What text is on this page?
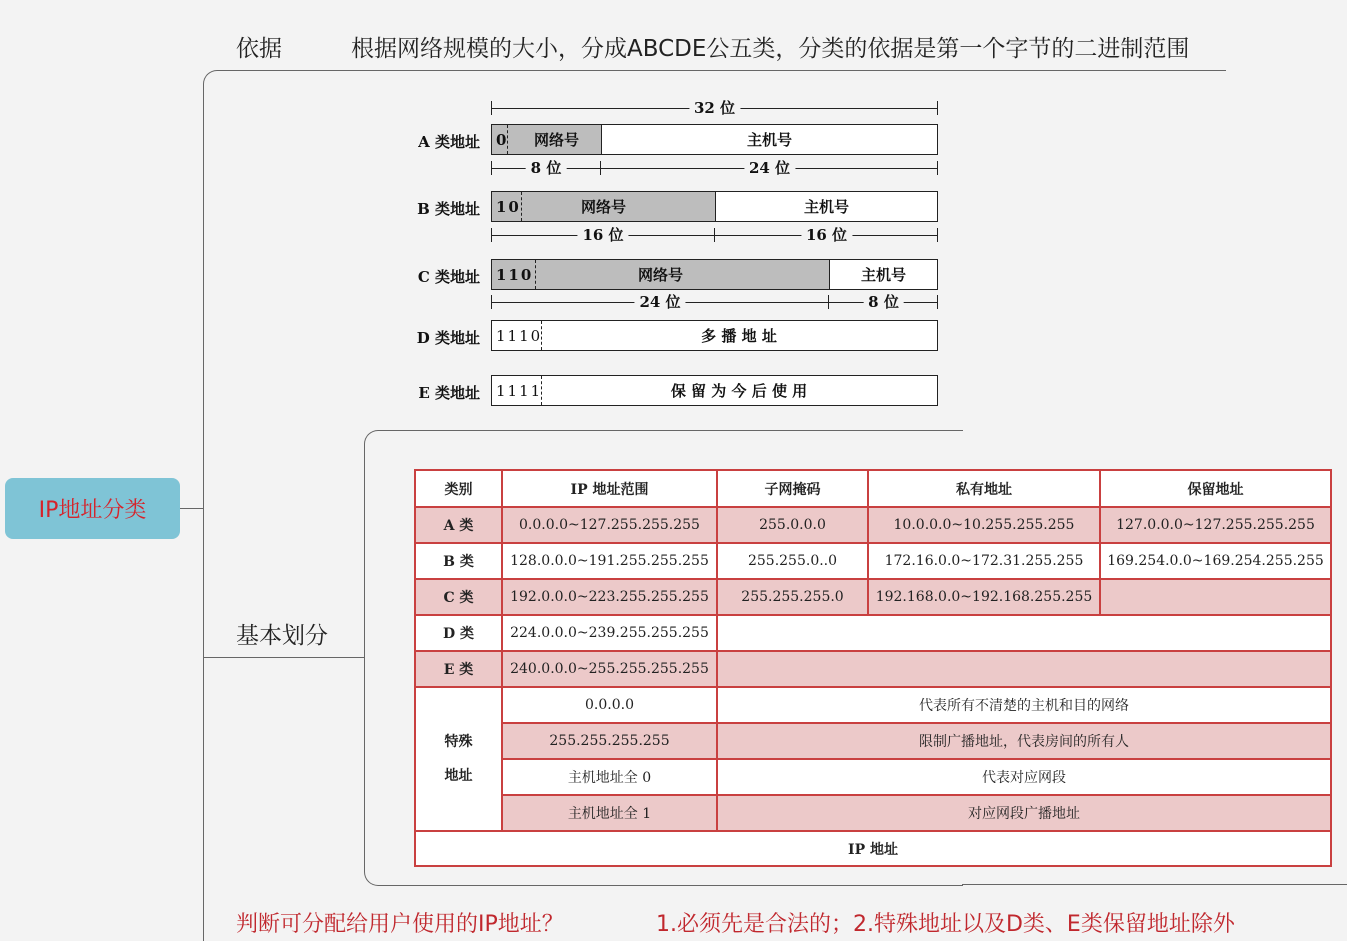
IP地址分类
依据	根据网络规模的大小，分成ABCDE公五类，分类的依据是第一个字节的二进制范围
基本划分
判断可分配给用户使用的IP地址？	1.必须先是合法的；2.特殊地址以及D类、E类保留地址除外
32 位
A 类地址	网络号
0	主机号
8 位	24 位
B 类地址	网络号
10	主机号
16 位	16 位
C 类地址	网络号
110	主机号
24 位	8 位
D 类地址 1110	多 播 地 址
E 类地址 1111	保 留 为 今 后 使 用
类别	IP 地址范围	子网掩码	私有地址	保留地址
A 类	0.0.0.0~127.255.255.255	255.0.0.0	10.0.0.0~10.255.255.255	127.0.0.0~127.255.255.255
B 类	128.0.0.0~191.255.255.255	255.255.0..0	172.16.0.0~172.31.255.255	169.254.0.0~169.254.255.255
C 类	192.0.0.0~223.255.255.255	255.255.255.0	192.168.0.0~192.168.255.255
D 类	224.0.0.0~239.255.255.255
E 类	240.0.0.0~255.255.255.255
特殊
地址
0.0.0.0	代表所有不清楚的主机和目的网络
255.255.255.255	限制广播地址，代表房间的所有人
主机地址全 0	代表对应网段
主机地址全 1	对应网段广播地址
IP 地址
